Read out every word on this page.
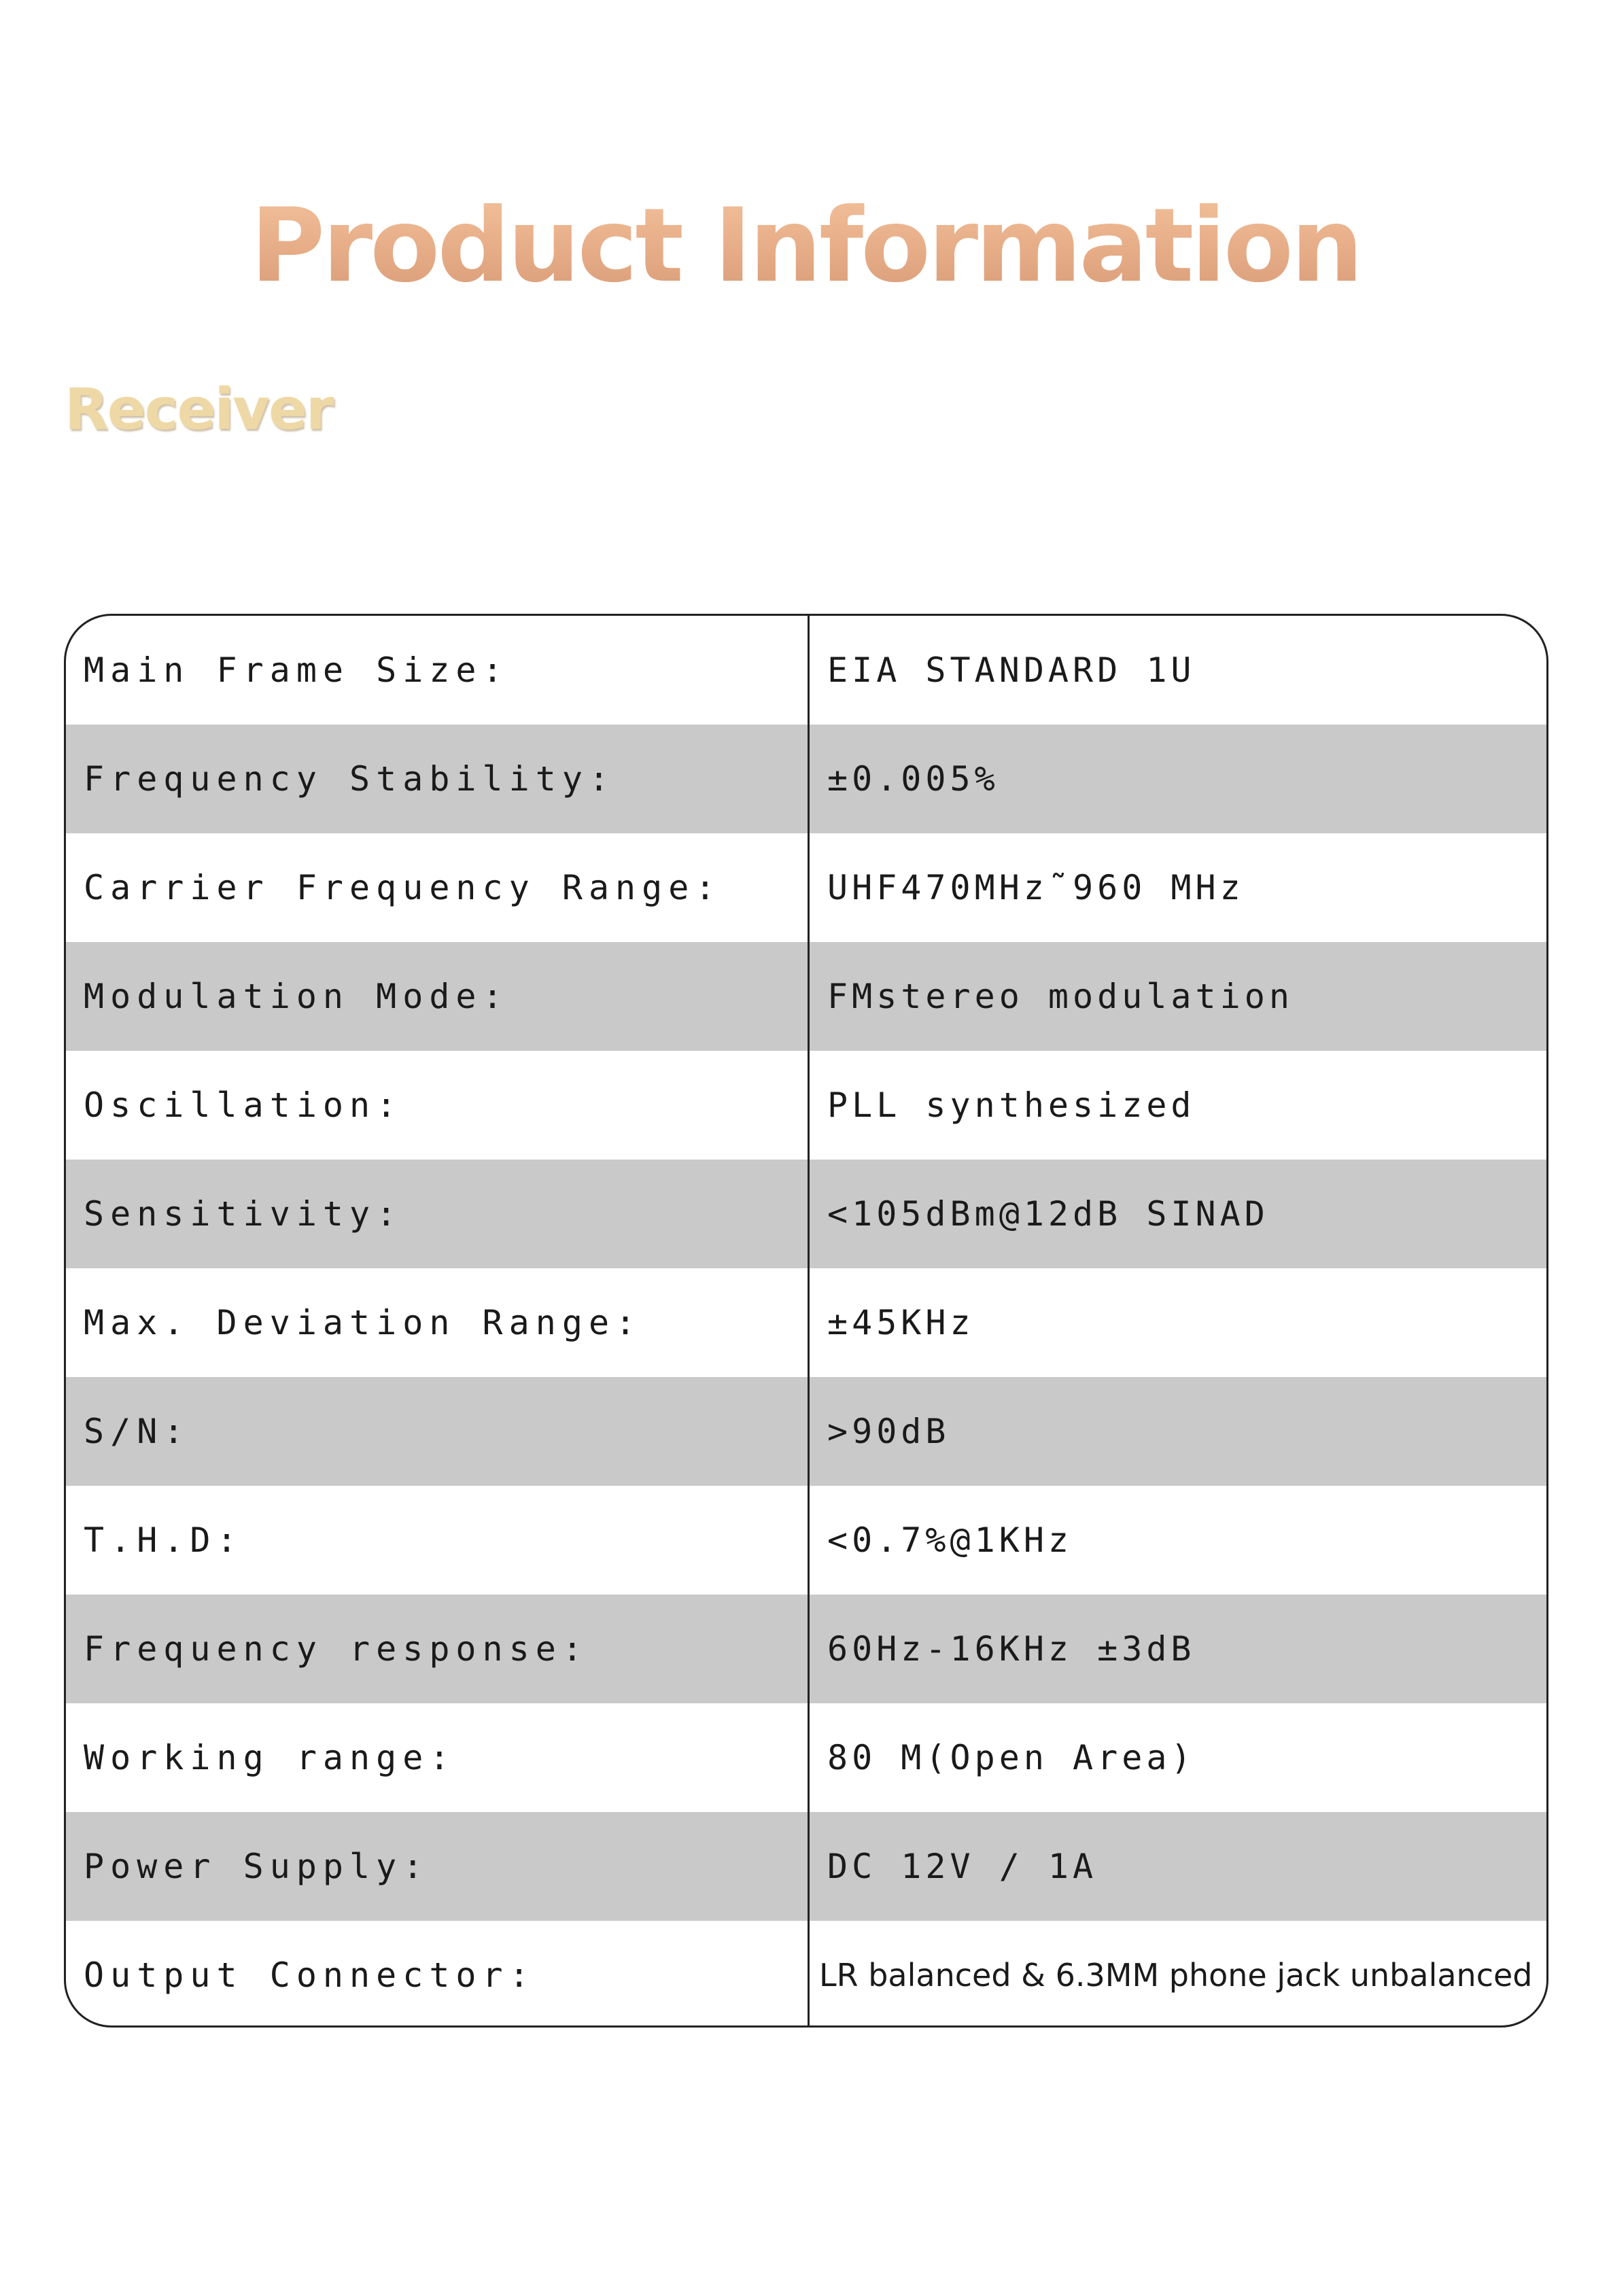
Product Information
Receiver
Main Frame Size:	EIA STANDARD 1U
Frequency Stability:	±0.005%
Carrier Frequency Range:	UHF470MHz˜960 MHz
Modulation Mode:	FMstereo modulation
Oscillation:	PLL synthesized
Sensitivity:	<105dBm@12dB SINAD
Max. Deviation Range:	±45KHz
S/N:	>90dB
T.H.D:	<0.7%@1KHz
Frequency response:	60Hz-16KHz ±3dB
Working range:	80 M(Open Area)
Power Supply:	DC 12V / 1A
Output Connector:	LR balanced & 6.3MM phone jack unbalanced
